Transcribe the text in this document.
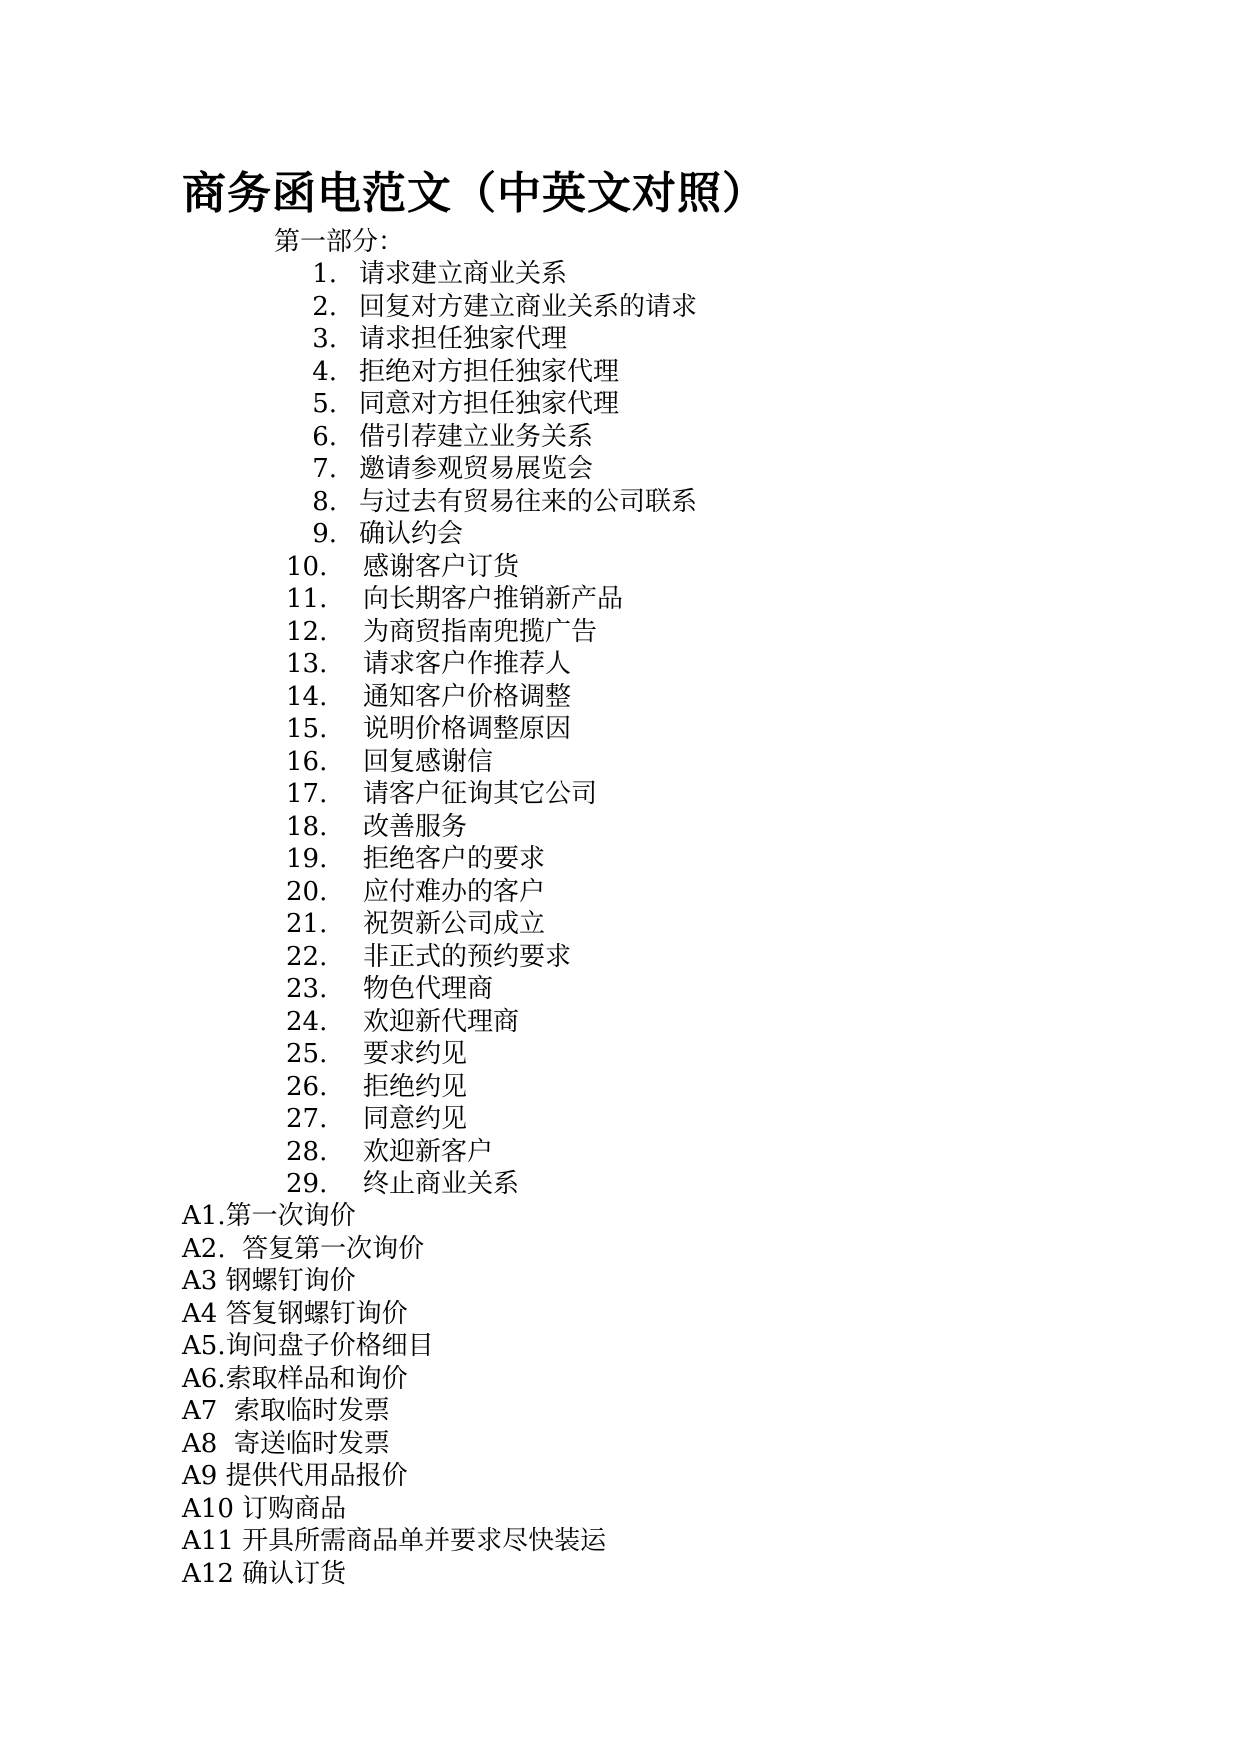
商务函电范文（中英文对照）
第一部分：
1. 请求建立商业关系
2. 回复对方建立商业关系的请求
3. 请求担任独家代理
4. 拒绝对方担任独家代理
5. 同意对方担任独家代理
6. 借引荐建立业务关系
7. 邀请参观贸易展览会
8. 与过去有贸易往来的公司联系
9. 确认约会
10. 感谢客户订货
11. 向长期客户推销新产品
12. 为商贸指南兜揽广告
13. 请求客户作推荐人
14. 通知客户价格调整
15. 说明价格调整原因
16. 回复感谢信
17. 请客户征询其它公司
18. 改善服务
19. 拒绝客户的要求
20. 应付难办的客户
21. 祝贺新公司成立
22. 非正式的预约要求
23. 物色代理商
24. 欢迎新代理商
25. 要求约见
26. 拒绝约见
27. 同意约见
28. 欢迎新客户
29. 终止商业关系
A1.第一次询价
A2.  答复第一次询价
A3 钢螺钉询价
A4 答复钢螺钉询价
A5.询问盘子价格细目
A6.索取样品和询价
A7  索取临时发票
A8  寄送临时发票
A9 提供代用品报价
A10 订购商品
A11 开具所需商品单并要求尽快装运
A12 确认订货
